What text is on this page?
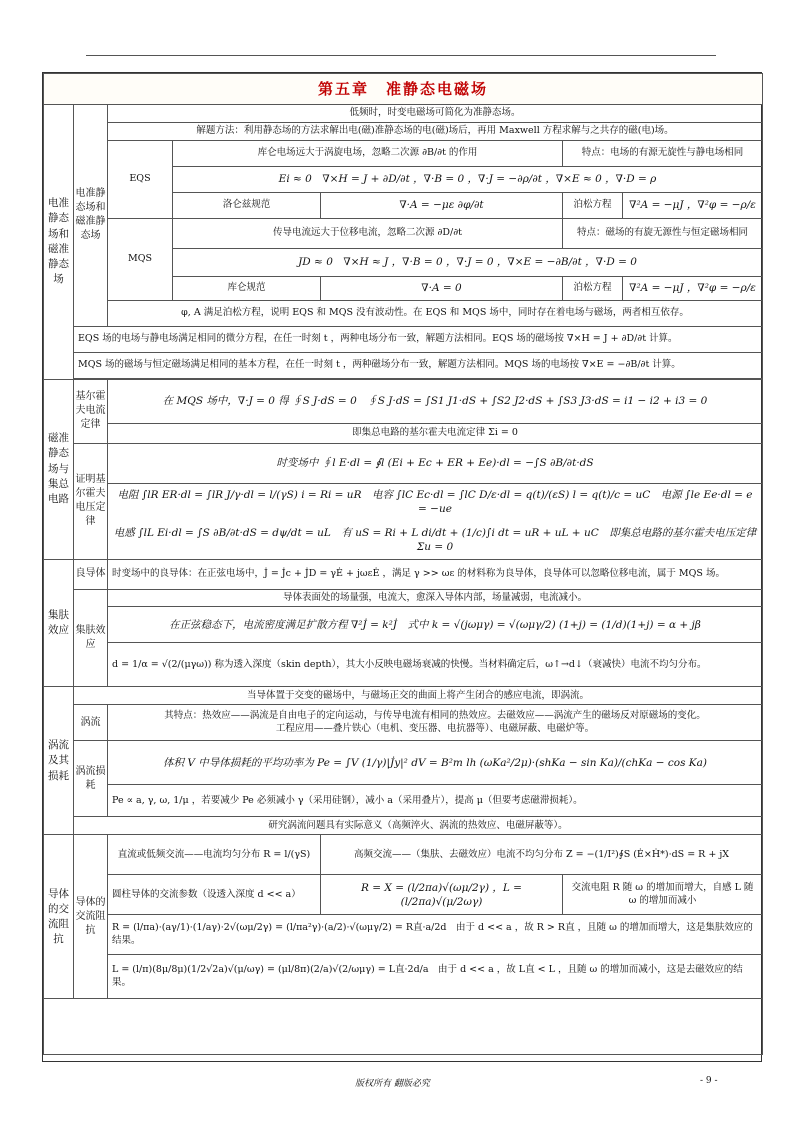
第五章　准静态电磁场						
电准静态场和磁准静态场	电准静态场和磁准静态场	低频时，时变电磁场可简化为准静态场。				
		解题方法：利用静态场的方法求解出电(磁)准静态场的电(磁)场后，再用 Maxwell 方程求解与之共存的磁(电)场。				
		EQS	库仑电场远大于涡旋电场，忽略二次源 ∂B/∂t 的作用		特点：电场的有源无旋性与静电场相同	
			Ei ≈ 0　∇×H = J + ∂D/∂t ，∇·B = 0 ，∇·J = −∂ρ/∂t ，∇×E ≈ 0 ，∇·D = ρ			
			洛仑兹规范	∇·A = −με ∂φ/∂t	泊松方程	∇²A = −μJ ，∇²φ = −ρ/ε
		MQS	传导电流远大于位移电流，忽略二次源 ∂D/∂t		特点：磁场的有旋无源性与恒定磁场相同	
			JD ≈ 0　∇×H ≈ J ，∇·B = 0 ，∇·J = 0 ，∇×E = −∂B/∂t ，∇·D = 0			
			库仑规范	∇·A = 0	泊松方程	∇²A = −μJ ，∇²φ = −ρ/ε
		φ, A 满足泊松方程，说明 EQS 和 MQS 没有波动性。在 EQS 和 MQS 场中，同时存在着电场与磁场，两者相互依存。				
	EQS 场的电场与静电场满足相同的微分方程，在任一时刻 t ，两种电场分布一致，解题方法相同。EQS 场的磁场按 ∇×H = J + ∂D/∂t 计算。					
	MQS 场的磁场与恒定磁场满足相同的基本方程，在任一时刻 t ，两种磁场分布一致，解题方法相同。MQS 场的电场按 ∇×E = −∂B/∂t 计算。					

磁准静态场与集总电路	基尔霍夫电流定律	在 MQS 场中，∇·J = 0 得 ∮S J·dS = 0　∮S J·dS = ∫S1 J1·dS + ∫S2 J2·dS + ∫S3 J3·dS = i1 − i2 + i3 = 0				
		即集总电路的基尔霍夫电流定律 Σi = 0				
	证明基尔霍夫电压定律	时变场中 ∮l E·dl = ∮l (Ei + Ec + ER + Ee)·dl = −∫S ∂B/∂t·dS				

		电阻 ∫lR ER·dl = ∫lR J/γ·dl = l/(γS) i = Ri = uR　电容 ∫lC Ec·dl = ∫lC D/ε·dl = q(t)/(εS) l = q(t)/c = uC　电源 ∫le Ee·dl = e = −ue
电感 ∫lL Ei·dl = ∫S ∂B/∂t·dS = dψ/dt = uL　有 uS = Ri + L di/dt + (1/c)∫i dt = uR + uL + uC　即集总电路的基尔霍夫电压定律 Σu = 0				

集肤效应	良导体	时变场中的良导体：在正弦电场中，J̇ = J̇c + J̇D = γĖ + jωεĖ ，满足 γ >> ωε 的材料称为良导体，良导体可以忽略位移电流，属于 MQS 场。				
	集肤效应	导体表面处的场量强，电流大，愈深入导体内部，场量减弱，电流减小。				
		在正弦稳态下，电流密度满足扩散方程 ∇²J̇ = k²J̇　式中 k = √(jωμγ) = √(ωμγ/2) (1+j) = (1/d)(1+j) = α + jβ				
		d = 1/α = √(2/(μγω)) 称为透入深度（skin depth），其大小反映电磁场衰减的快慢。当材料确定后，ω↑→d↓（衰减快）电流不均匀分布。				
涡流及其损耗	当导体置于交变的磁场中，与磁场正交的曲面上将产生闭合的感应电流，即涡流。					
	涡流	其特点：热效应——涡流是自由电子的定向运动，与传导电流有相同的热效应。去磁效应——涡流产生的磁场反对原磁场的变化。
工程应用——叠片铁心（电机、变压器、电抗器等）、电磁屏蔽、电磁炉等。				

	涡流损耗	体积 V 中导体损耗的平均功率为 Pe = ∫V (1/γ)|J̇y|² dV = B²m lh (ωKa²/2μ)·(shKa − sin Ka)/(chKa − cos Ka)				
		Pe ∝ a, γ, ω, 1/μ ，若要减少 Pe 必须减小 γ（采用硅钢），减小 a（采用叠片），提高 μ（但要考虑磁滞损耗）。				
	研究涡流问题具有实际意义（高频淬火、涡流的热效应、电磁屏蔽等）。					
导体的交流阻抗	导体的交流阻抗	直流或低频交流——电流均匀分布 R = l/(γS)		高频交流——（集肤、去磁效应）电流不均匀分布 Z = −(1/I²)∮S (Ė×Ḣ*)·dS = R + jX		
		圆柱导体的交流参数（设透入深度 d << a）		R = X = (l/2πa)√(ωμ/2γ) ，L = (l/2πa)√(μ/2ωγ)	交流电阻 R 随 ω 的增加而增大，自感 L 随 ω 的增加而减小	
		R = (l/πa)·(aγ/1)·(1/aγ)·2√(ωμ/2γ) = (l/πa²γ)·(a/2)·√(ωμγ/2) = R直·a/2d　由于 d << a ，故 R > R直 ，且随 ω 的增加而增大，这是集肤效应的结果。				
		L = (l/π)(8μ/8μ)(1/2√2a)√(μ/ωγ) = (μl/8π)(2/a)√(2/ωμγ) = L直·2d/a　由于 d << a ，故 L直 < L ，且随 ω 的增加而减小，这是去磁效应的结果。				

版权所有 翻版必究	- 9 -
